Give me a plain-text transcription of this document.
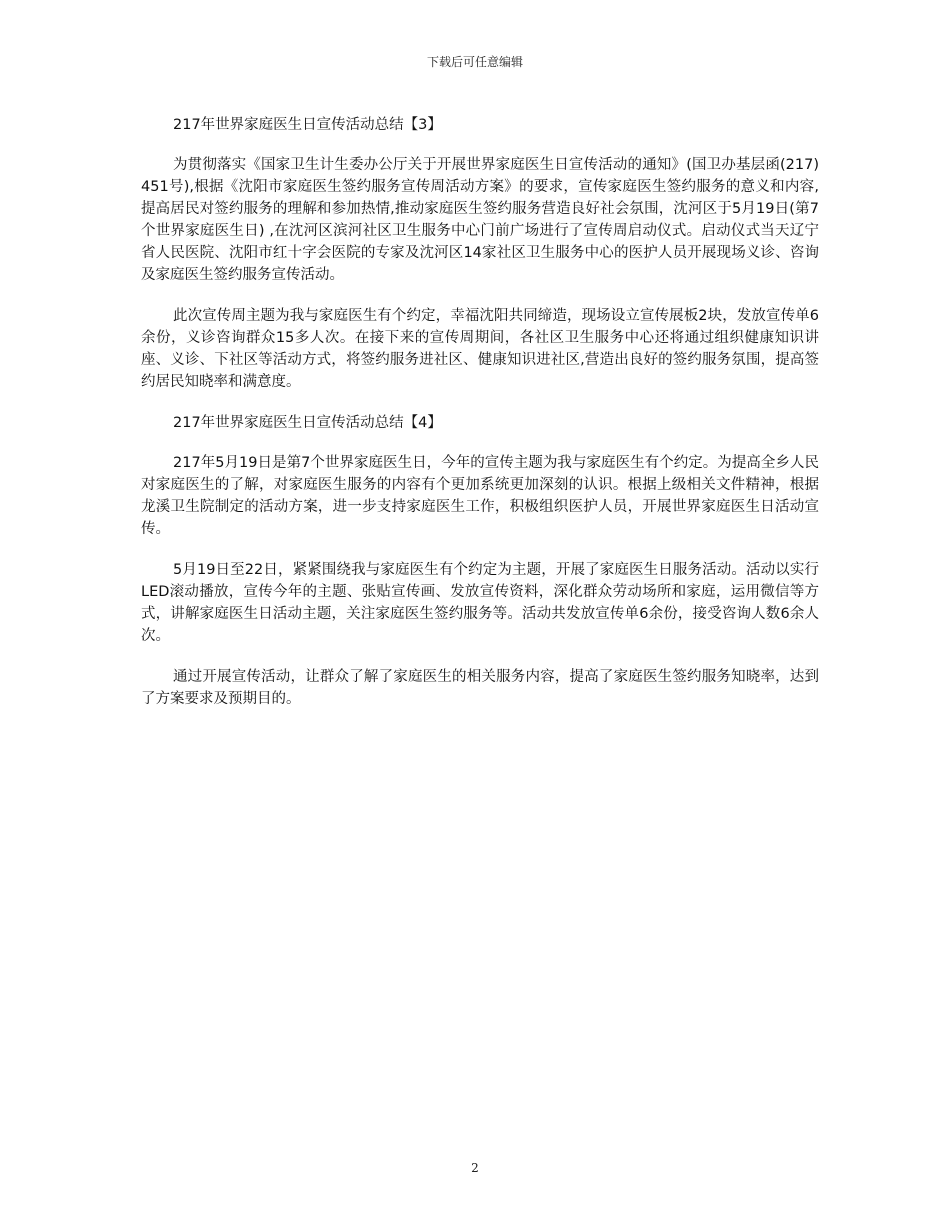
下载后可任意编辑

217年世界家庭医生日宣传活动总结【3】

为贯彻落实《国家卫生计生委办公厅关于开展世界家庭医生日宣传活动的通知》(国卫办基层函(217)451号),根据《沈阳市家庭医生签约服务宣传周活动方案》的要求，宣传家庭医生签约服务的意义和内容,提高居民对签约服务的理解和参加热情,推动家庭医生签约服务营造良好社会氛围，沈河区于5月19日(第7个世界家庭医生日) ,在沈河区滨河社区卫生服务中心门前广场进行了宣传周启动仪式。启动仪式当天辽宁省人民医院、沈阳市红十字会医院的专家及沈河区14家社区卫生服务中心的医护人员开展现场义诊、咨询及家庭医生签约服务宣传活动。

此次宣传周主题为我与家庭医生有个约定，幸福沈阳共同缔造，现场设立宣传展板2块，发放宣传单6余份，义诊咨询群众15多人次。在接下来的宣传周期间，各社区卫生服务中心还将通过组织健康知识讲座、义诊、下社区等活动方式，将签约服务进社区、健康知识进社区,营造出良好的签约服务氛围，提高签约居民知晓率和满意度。

217年世界家庭医生日宣传活动总结【4】

217年5月19日是第7个世界家庭医生日，今年的宣传主题为我与家庭医生有个约定。为提高全乡人民对家庭医生的了解，对家庭医生服务的内容有个更加系统更加深刻的认识。根据上级相关文件精神，根据龙溪卫生院制定的活动方案，进一步支持家庭医生工作，积极组织医护人员，开展世界家庭医生日活动宣传。

5月19日至22日，紧紧围绕我与家庭医生有个约定为主题，开展了家庭医生日服务活动。活动以实行LED滚动播放，宣传今年的主题、张贴宣传画、发放宣传资料，深化群众劳动场所和家庭，运用微信等方式，讲解家庭医生日活动主题，关注家庭医生签约服务等。活动共发放宣传单6余份，接受咨询人数6余人次。

通过开展宣传活动，让群众了解了家庭医生的相关服务内容，提高了家庭医生签约服务知晓率，达到了方案要求及预期目的。

2
